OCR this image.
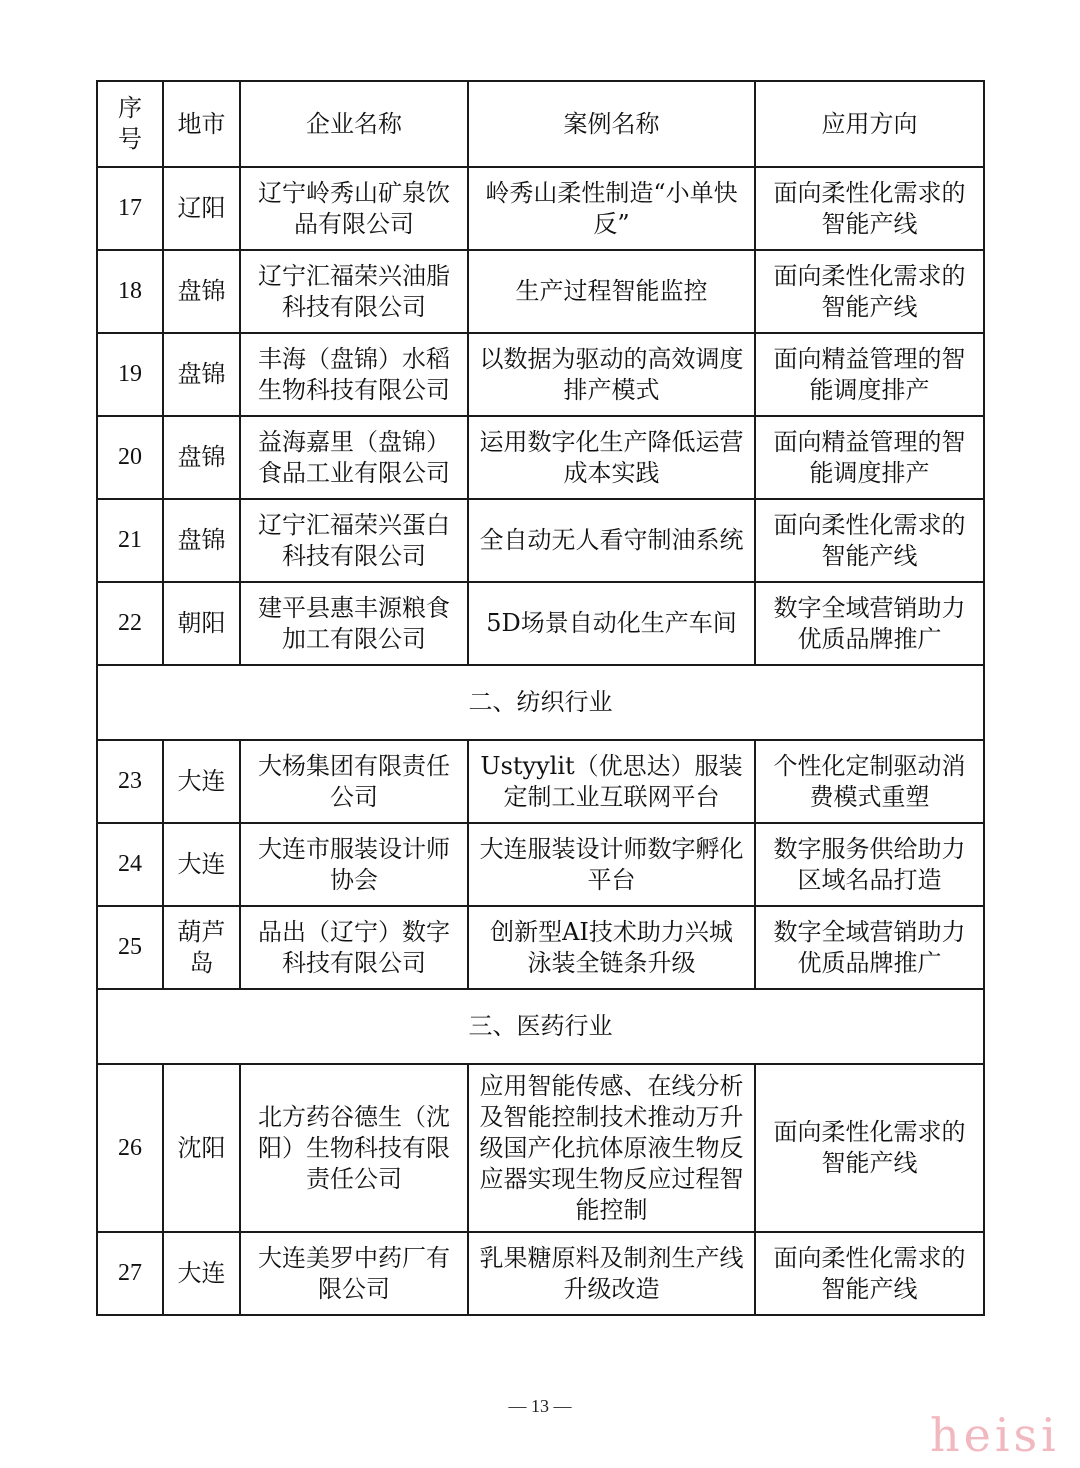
序号	地市	企业名称	案例名称	应用方向
17	辽阳	辽宁岭秀山矿泉饮品有限公司	岭秀山柔性制造“小单快反”	面向柔性化需求的智能产线
18	盘锦	辽宁汇福荣兴油脂科技有限公司	生产过程智能监控	面向柔性化需求的智能产线
19	盘锦	丰海（盘锦）水稻生物科技有限公司	以数据为驱动的高效调度排产模式	面向精益管理的智能调度排产
20	盘锦	益海嘉里（盘锦）食品工业有限公司	运用数字化生产降低运营成本实践	面向精益管理的智能调度排产
21	盘锦	辽宁汇福荣兴蛋白科技有限公司	全自动无人看守制油系统	面向柔性化需求的智能产线
22	朝阳	建平县惠丰源粮食加工有限公司	5D场景自动化生产车间	数字全域营销助力优质品牌推广
二、纺织行业				
23	大连	大杨集团有限责任公司	Ustyylit（优思达）服装定制工业互联网平台	个性化定制驱动消费模式重塑
24	大连	大连市服装设计师协会	大连服装设计师数字孵化平台	数字服务供给助力区域名品打造
25	葫芦岛	品出（辽宁）数字科技有限公司	创新型AI技术助力兴城泳装全链条升级	数字全域营销助力优质品牌推广
三、医药行业				
26	沈阳	北方药谷德生（沈阳）生物科技有限责任公司	应用智能传感、在线分析及智能控制技术推动万升级国产化抗体原液生物反应器实现生物反应过程智能控制	面向柔性化需求的智能产线
27	大连	大连美罗中药厂有限公司	乳果糖原料及制剂生产线升级改造	面向柔性化需求的智能产线
— 13 —
heisi
